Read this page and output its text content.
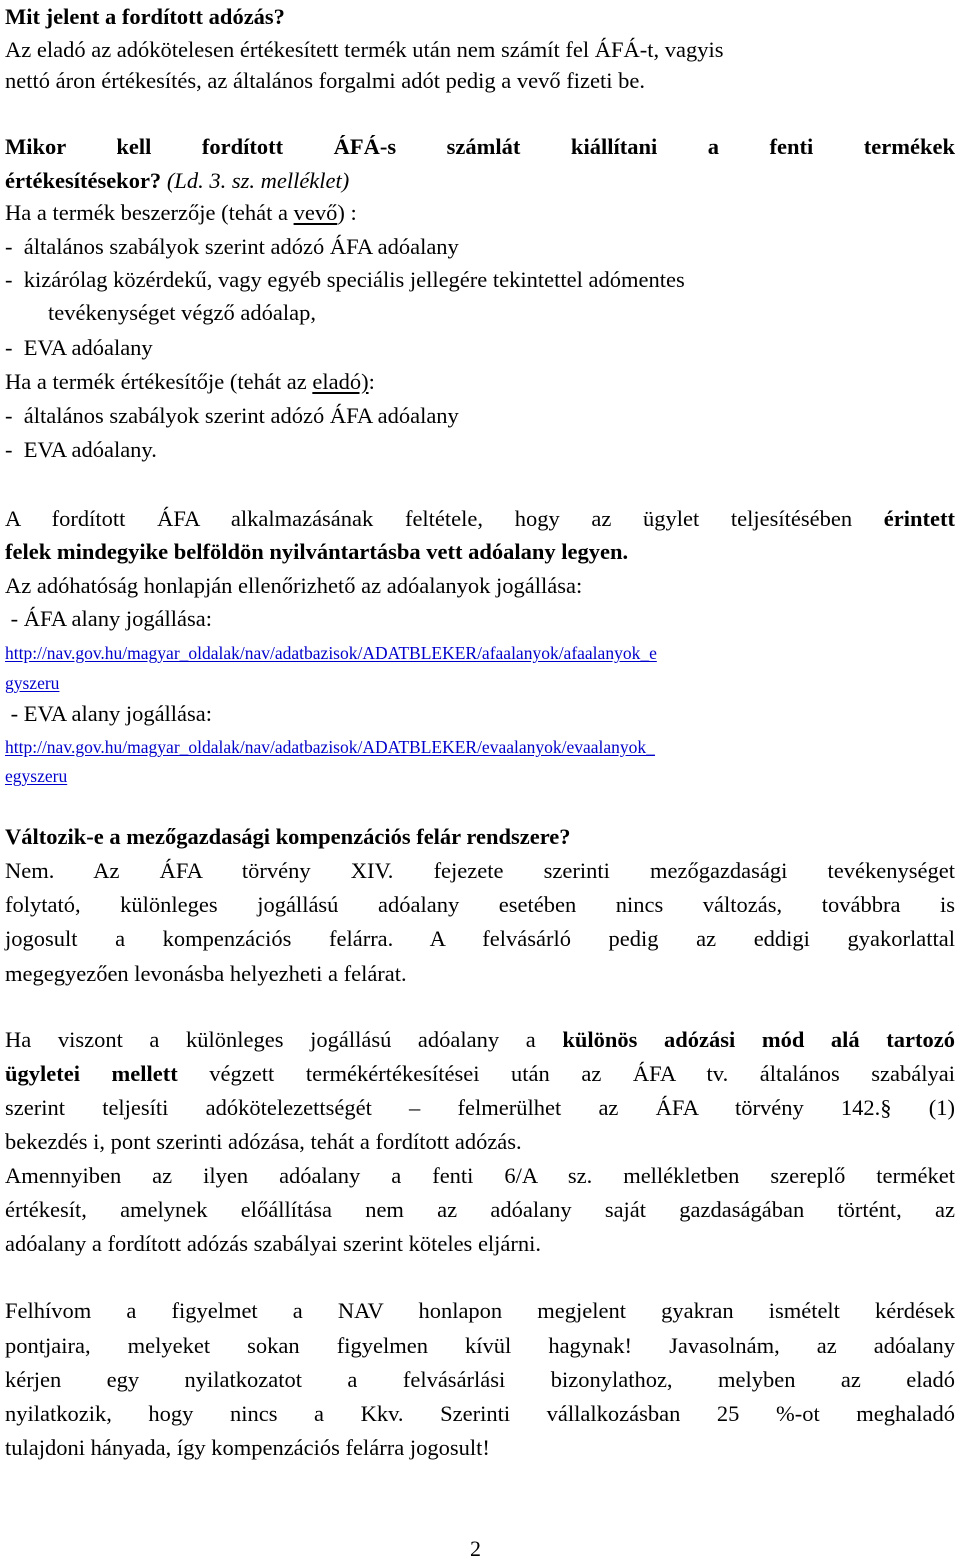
Mit jelent a fordított adózás?
Az eladó az adókötelesen értékesített termék után nem számít fel ÁFÁ-t, vagyis
nettó áron értékesítés, az általános forgalmi adót pedig a vevő fizeti be.
Mikor kell fordított ÁFÁ-s számlát kiállítani a fenti termékek
értékesítésekor? (Ld. 3. sz. melléklet)
Ha a termék beszerzője (tehát a vevő) :
-  általános szabályok szerint adózó ÁFA adóalany
-  kizárólag közérdekű, vagy egyéb speciális jellegére tekintettel adómentes
tevékenységet végző adóalap,
-  EVA adóalany
Ha a termék értékesítője (tehát az eladó):
-  általános szabályok szerint adózó ÁFA adóalany
-  EVA adóalany.
A fordított ÁFA alkalmazásának feltétele, hogy az ügylet teljesítésében érintett
felek mindegyike belföldön nyilvántartásba vett adóalany legyen.
Az adóhatóság honlapján ellenőrizhető az adóalanyok jogállása:
- ÁFA alany jogállása:
http://nav.gov.hu/magyar_oldalak/nav/adatbazisok/ADATBLEKER/afaalanyok/afaalanyok_e
gyszeru
- EVA alany jogállása:
http://nav.gov.hu/magyar_oldalak/nav/adatbazisok/ADATBLEKER/evaalanyok/evaalanyok_
egyszeru
Változik-e a mezőgazdasági kompenzációs felár rendszere?
Nem. Az ÁFA törvény XIV. fejezete szerinti mezőgazdasági tevékenységet
folytató, különleges jogállású adóalany esetében nincs változás, továbbra is
jogosult a kompenzációs felárra. A felvásárló pedig az eddigi gyakorlattal
megegyezően levonásba helyezheti a felárat.
Ha viszont a különleges jogállású adóalany a különös adózási mód alá tartozó
ügyletei mellett végzett termékértékesítései után az ÁFA tv. általános szabályai
szerint teljesíti adókötelezettségét – felmerülhet az ÁFA törvény 142.§ (1)
bekezdés i, pont szerinti adózása, tehát a fordított adózás.
Amennyiben az ilyen adóalany a fenti 6/A sz. mellékletben szereplő terméket
értékesít, amelynek előállítása nem az adóalany saját gazdaságában történt, az
adóalany a fordított adózás szabályai szerint köteles eljárni.
Felhívom a figyelmet a NAV honlapon megjelent gyakran ismételt kérdések
pontjaira, melyeket sokan figyelmen kívül hagynak! Javasolnám, az adóalany
kérjen egy nyilatkozatot a felvásárlási bizonylathoz, melyben az eladó
nyilatkozik, hogy nincs a Kkv. Szerinti vállalkozásban 25 %-ot meghaladó
tulajdoni hányada, így kompenzációs felárra jogosult!
2
